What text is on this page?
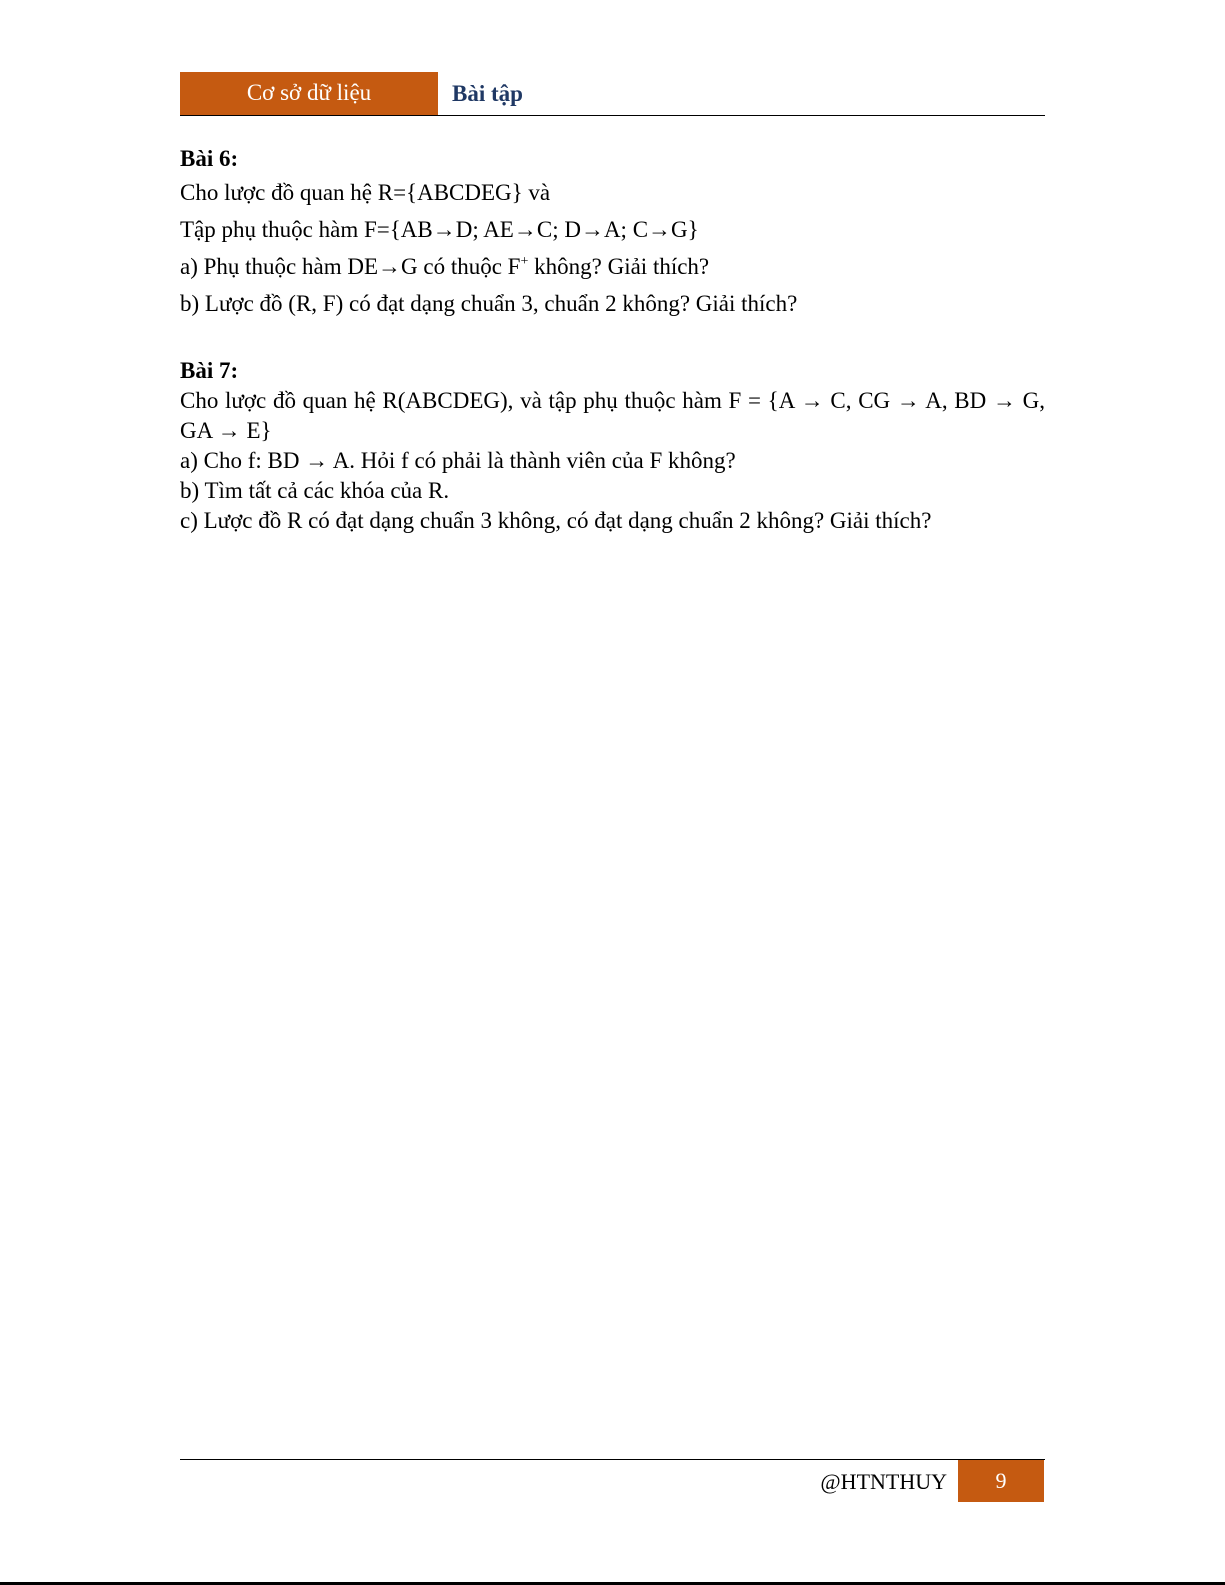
Cơ sở dữ liệu	Bài tập

Bài 6:

Cho lược đồ quan hệ R={ABCDEG} và

Tập phụ thuộc hàm F={AB→D; AE→C; D→A; C→G}

a) Phụ thuộc hàm DE→G có thuộc F+ không? Giải thích?

b) Lược đồ (R, F) có đạt dạng chuẩn 3, chuẩn 2 không? Giải thích?

Bài 7:

Cho lược đồ quan hệ R(ABCDEG), và tập phụ thuộc hàm F = {A → C, CG → A, BD → G, GA → E}

a) Cho f: BD → A. Hỏi f có phải là thành viên của F không?

b) Tìm tất cả các khóa của R.

c) Lược đồ R có đạt dạng chuẩn 3 không, có đạt dạng chuẩn 2 không? Giải thích?

@HTNTHUY	9
